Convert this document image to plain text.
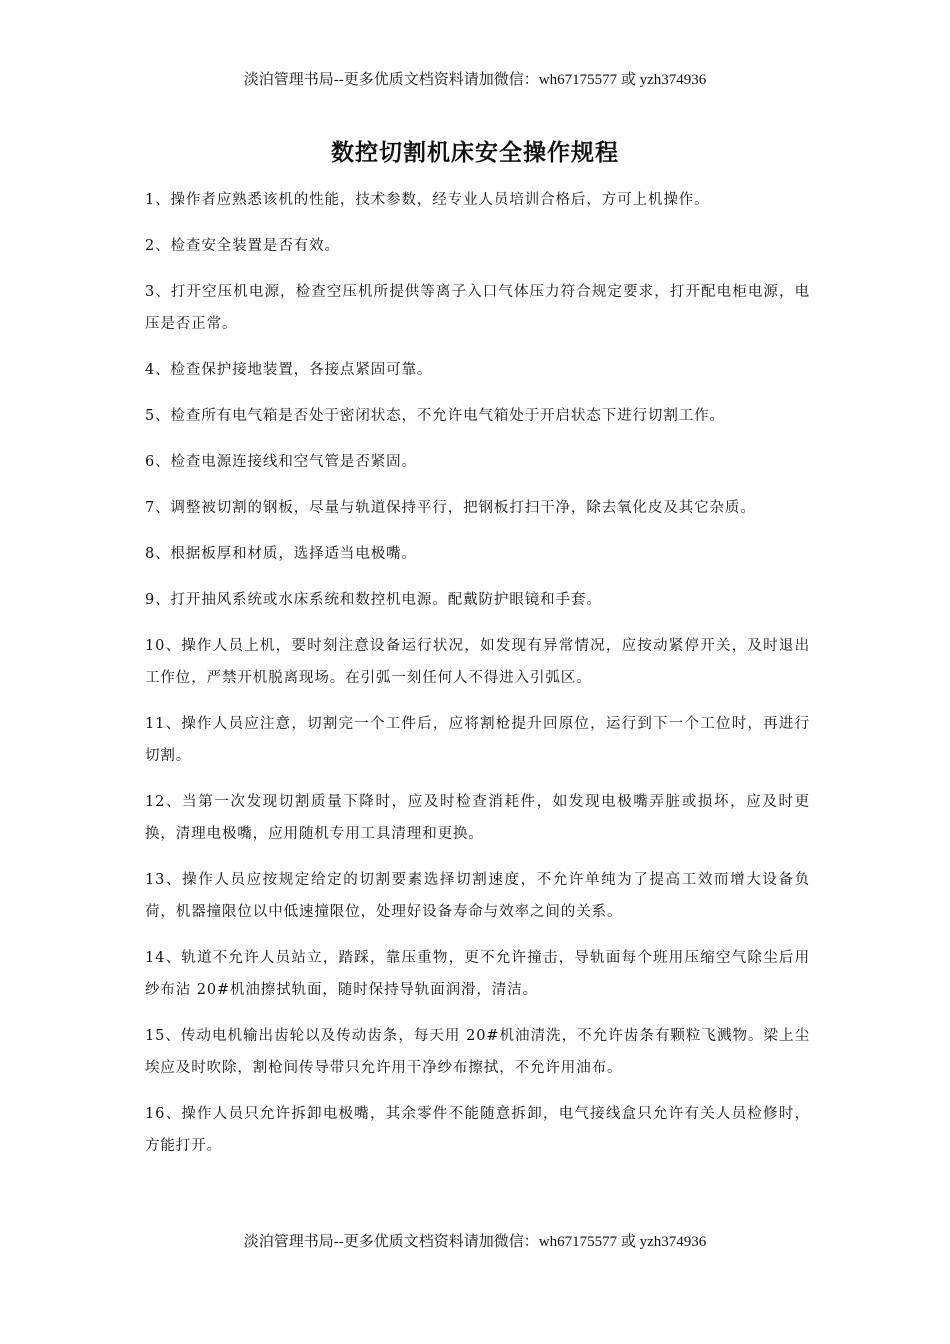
淡泊管理书局--更多优质文档资料请加微信：wh67175577 或 yzh374936
数控切割机床安全操作规程

1、操作者应熟悉该机的性能，技术参数，经专业人员培训合格后，方可上机操作。

2、检查安全装置是否有效。

3、打开空压机电源，检查空压机所提供等离子入口气体压力符合规定要求，打开配电柜电源，电压是否正常。

4、检查保护接地装置，各接点紧固可靠。

5、检查所有电气箱是否处于密闭状态，不允许电气箱处于开启状态下进行切割工作。

6、检查电源连接线和空气管是否紧固。

7、调整被切割的钢板，尽量与轨道保持平行，把钢板打扫干净，除去氧化皮及其它杂质。

8、根据板厚和材质，选择适当电极嘴。

9、打开抽风系统或水床系统和数控机电源。配戴防护眼镜和手套。

10、操作人员上机，要时刻注意设备运行状况，如发现有异常情况，应按动紧停开关，及时退出工作位，严禁开机脱离现场。在引弧一刻任何人不得进入引弧区。

11、操作人员应注意，切割完一个工件后，应将割枪提升回原位，运行到下一个工位时，再进行切割。

12、当第一次发现切割质量下降时，应及时检查消耗件，如发现电极嘴弄脏或损坏，应及时更换，清理电极嘴，应用随机专用工具清理和更换。

13、操作人员应按规定给定的切割要素选择切割速度，不允许单纯为了提高工效而增大设备负荷，机器撞限位以中低速撞限位，处理好设备寿命与效率之间的关系。

14、轨道不允许人员站立，踏踩，靠压重物，更不允许撞击，导轨面每个班用压缩空气除尘后用纱布沾 20#机油擦拭轨面，随时保持导轨面润滑，清洁。

15、传动电机输出齿轮以及传动齿条，每天用 20#机油清洗，不允许齿条有颗粒飞溅物。梁上尘埃应及时吹除，割枪间传导带只允许用干净纱布擦拭，不允许用油布。

16、操作人员只允许拆卸电极嘴，其余零件不能随意拆卸，电气接线盒只允许有关人员检修时，方能打开。

淡泊管理书局--更多优质文档资料请加微信：wh67175577 或 yzh374936
